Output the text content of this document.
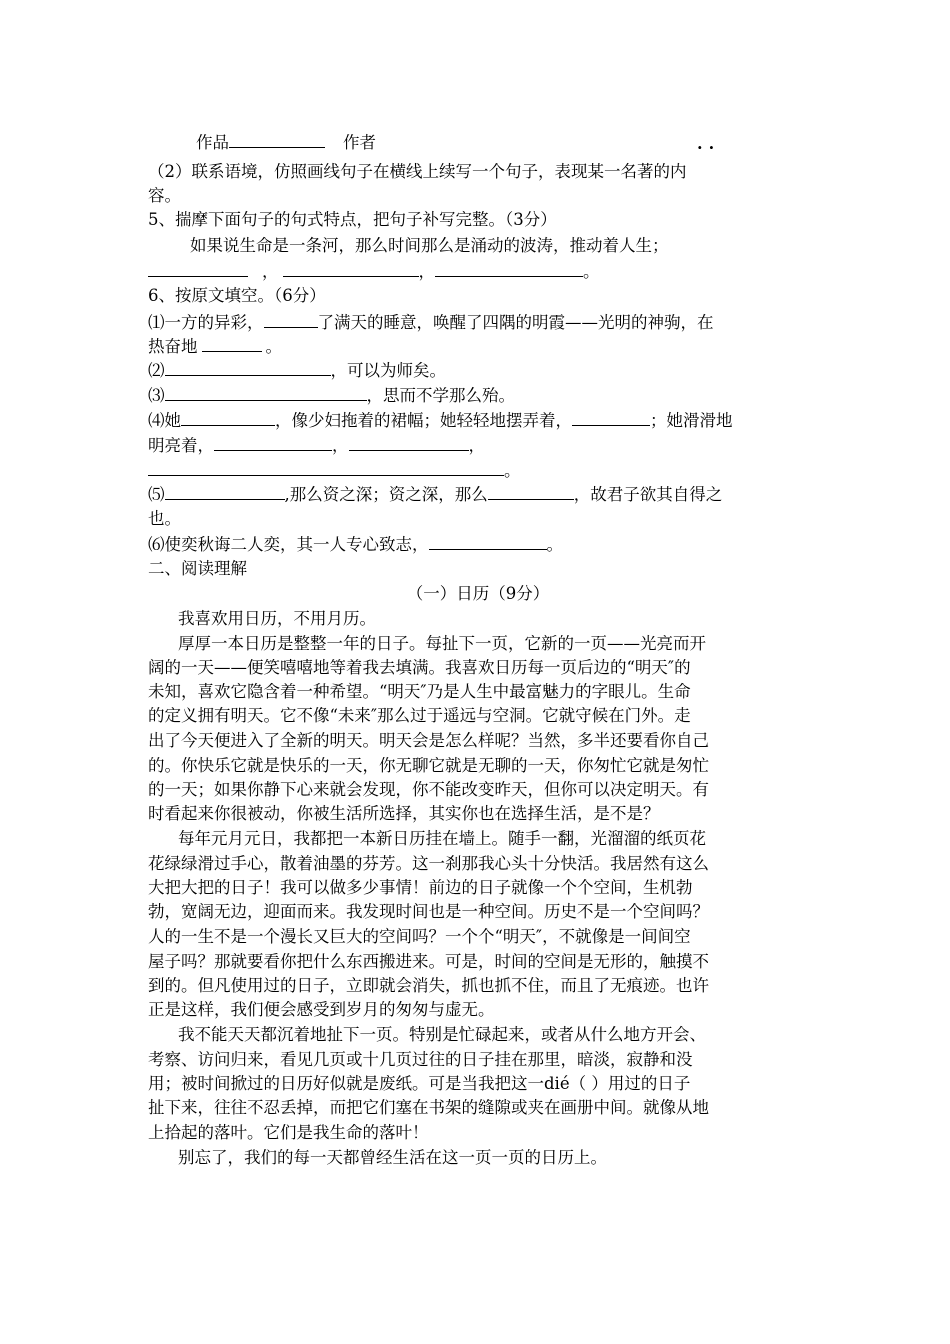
作品	作者	..
（2）联系语境，仿照画线句子在横线上续写一个句子，表现某一名著的内
容。
5、揣摩下面句子的句式特点，把句子补写完整。（3分）
如果说生命是一条河，那么时间那么是涌动的波涛，推动着人生；
，	，	。
6、按原文填空。（6分）
⑴一方的异彩，	了满天的睡意，唤醒了四隅的明霞——光明的神驹，在
热奋地	。
⑵	，可以为师矣。
⑶	，思而不学那么殆。
⑷她	，像少妇拖着的裙幅；她轻轻地摆弄着，	；她滑滑地
明亮着，	，	，
。
⑸	,那么资之深；资之深，那么	，故君子欲其自得之
也。
⑹使奕秋诲二人奕，其一人专心致志，	。
二、阅读理解
（一）日历（9分）
我喜欢用日历，不用月历。
厚厚一本日历是整整一年的日子。每扯下一页，它新的一页——光亮而开
阔的一天——便笑嘻嘻地等着我去填满。我喜欢日历每一页后边的“明天″的
未知，喜欢它隐含着一种希望。“明天″乃是人生中最富魅力的字眼儿。生命
的定义拥有明天。它不像“未来″那么过于遥远与空洞。它就守候在门外。走
出了今天便进入了全新的明天。明天会是怎么样呢？当然，多半还要看你自己
的。你快乐它就是快乐的一天，你无聊它就是无聊的一天，你匆忙它就是匆忙
的一天；如果你静下心来就会发现，你不能改变昨天，但你可以决定明天。有
时看起来你很被动，你被生活所选择，其实你也在选择生活，是不是？
每年元月元日，我都把一本新日历挂在墙上。随手一翻，光溜溜的纸页花
花绿绿滑过手心，散着油墨的芬芳。这一刹那我心头十分快活。我居然有这么
大把大把的日子！我可以做多少事情！前边的日子就像一个个空间，生机勃
勃，宽阔无边，迎面而来。我发现时间也是一种空间。历史不是一个空间吗？
人的一生不是一个漫长又巨大的空间吗？一个个“明天″，不就像是一间间空
屋子吗？那就要看你把什么东西搬进来。可是，时间的空间是无形的，触摸不
到的。但凡使用过的日子，立即就会消失，抓也抓不住，而且了无痕迹。也许
正是这样，我们便会感受到岁月的匆匆与虚无。
我不能天天都沉着地扯下一页。特别是忙碌起来，或者从什么地方开会、
考察、访问归来，看见几页或十几页过往的日子挂在那里，暗淡，寂静和没
用；被时间掀过的日历好似就是废纸。可是当我把这一dié（ ）用过的日子
扯下来，往往不忍丢掉，而把它们塞在书架的缝隙或夹在画册中间。就像从地
上拾起的落叶。它们是我生命的落叶！
别忘了，我们的每一天都曾经生活在这一页一页的日历上。
